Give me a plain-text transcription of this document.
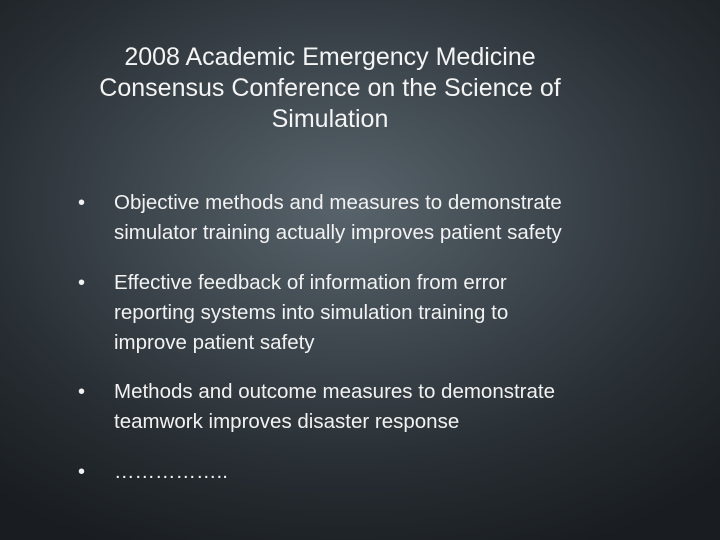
2008 Academic Emergency Medicine
Consensus Conference on the Science of
Simulation
•	Objective methods and measures to demonstrate
simulator training actually improves patient safety
•	Effective feedback of information from error
reporting systems into simulation training to
improve patient safety
•	Methods and outcome measures to demonstrate
teamwork improves disaster response
•	……………..
